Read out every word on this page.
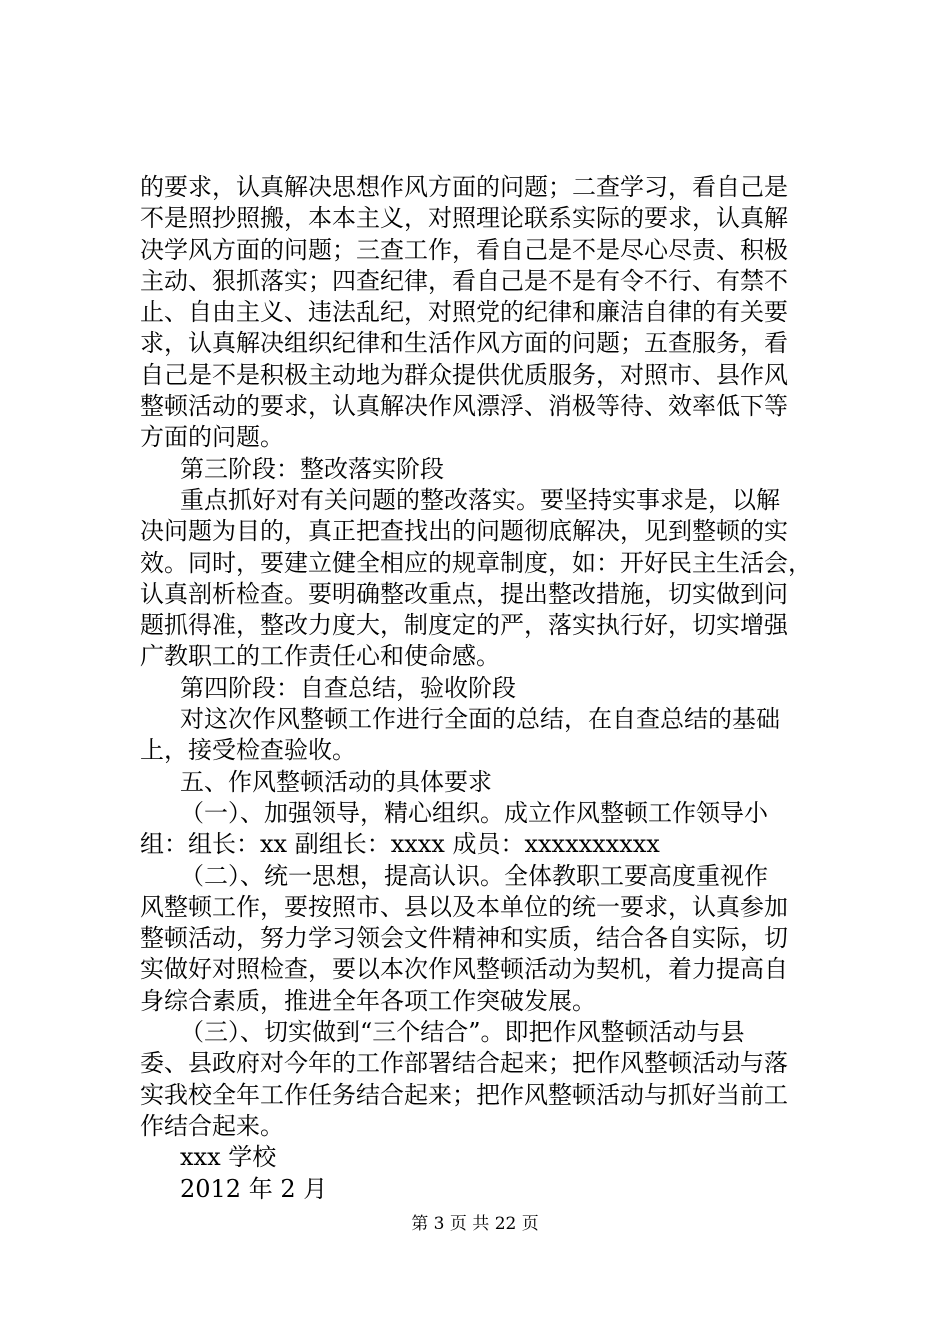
的要求，认真解决思想作风方面的问题；二查学习，看自己是
不是照抄照搬，本本主义，对照理论联系实际的要求，认真解
决学风方面的问题；三查工作，看自己是不是尽心尽责、积极
主动、狠抓落实；四查纪律，看自己是不是有令不行、有禁不
止、自由主义、违法乱纪，对照党的纪律和廉洁自律的有关要
求，认真解决组织纪律和生活作风方面的问题；五查服务，看
自己是不是积极主动地为群众提供优质服务，对照市、县作风
整顿活动的要求，认真解决作风漂浮、消极等待、效率低下等
方面的问题。
第三阶段：整改落实阶段
重点抓好对有关问题的整改落实。要坚持实事求是，以解
决问题为目的，真正把查找出的问题彻底解决，见到整顿的实
效。同时，要建立健全相应的规章制度，如：开好民主生活会，
认真剖析检查。要明确整改重点，提出整改措施，切实做到问
题抓得准，整改力度大，制度定的严，落实执行好，切实增强
广教职工的工作责任心和使命感。
第四阶段：自查总结，验收阶段
对这次作风整顿工作进行全面的总结，在自查总结的基础
上，接受检查验收。
五、作风整顿活动的具体要求
（一）、加强领导，精心组织。成立作风整顿工作领导小
组：组长：xx 副组长：xxxx 成员：xxxxxxxxxx
（二）、统一思想，提高认识。全体教职工要高度重视作
风整顿工作，要按照市、县以及本单位的统一要求，认真参加
整顿活动，努力学习领会文件精神和实质，结合各自实际，切
实做好对照检查，要以本次作风整顿活动为契机，着力提高自
身综合素质，推进全年各项工作突破发展。
（三）、切实做到“三个结合”。即把作风整顿活动与县
委、县政府对今年的工作部署结合起来；把作风整顿活动与落
实我校全年工作任务结合起来；把作风整顿活动与抓好当前工
作结合起来。
xxx 学校
2012 年 2 月
第 3 页 共 22 页
